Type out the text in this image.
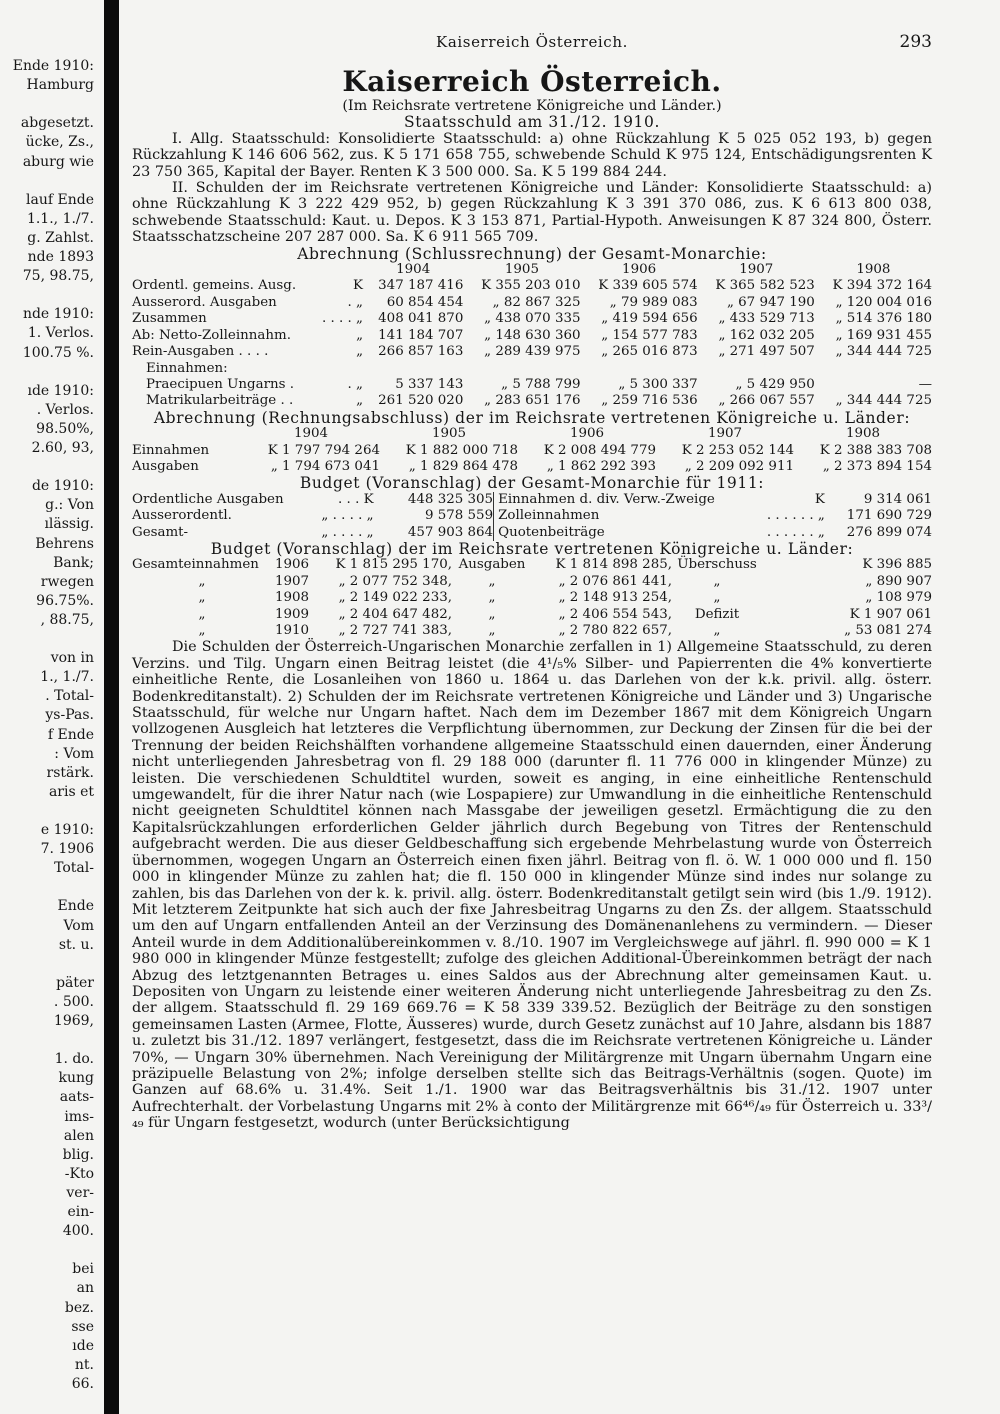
Ende 1910:
Hamburg
abgesetzt.
ücke, Zs.,
aburg wie
lauf Ende
1.1., 1./7.
g. Zahlst.
nde 1893
75, 98.75,
nde 1910:
1. Verlos.
100.75 %.
ıde 1910:
. Verlos.
98.50%,
2.60, 93,
de 1910:
g.: Von
ılässig.
Behrens
Bank;
rwegen
96.75%.
, 88.75,
von in
1., 1./7.
. Total-
ys-Pas.
f Ende
: Vom
rstärk.
aris et
e 1910:
7. 1906
Total-
Ende
Vom
st. u.
päter
. 500.
1969,
1. do.
kung
aats-
ims-
alen
blig.
-Kto
ver-
ein-
400.
bei
an
bez.
sse
ıde
nt.
66.
Kaiserreich Österreich.	293
Kaiserreich Österreich.
(Im Reichsrate vertretene Königreiche und Länder.)
Staatsschuld am 31./12. 1910.

I. Allg. Staatsschuld: Konsolidierte Staatsschuld: a) ohne Rückzahlung K 5 025 052 193, b) gegen Rückzahlung K 146 606 562, zus. K 5 171 658 755, schwebende Schuld K 975 124, Entschädigungsrenten K 23 750 365, Kapital der Bayer. Renten K 3 500 000. Sa. K 5 199 884 244.

II. Schulden der im Reichsrate vertretenen Königreiche und Länder: Konsolidierte Staatsschuld: a) ohne Rückzahlung K 3 222 429 952, b) gegen Rückzahlung K 3 391 370 086, zus. K 6 613 800 038, schwebende Staatsschuld: Kaut. u. Depos. K 3 153 871, Partial-Hypoth. Anweisungen K 87 324 800, Österr. Staatsschatzscheine 207 287 000. Sa. K 6 911 565 709.

Abrechnung (Schlussrechnung) der Gesamt-Monarchie:
		1904	1905	1906	1907	1908
Ordentl. gemeins. Ausg.	K	347 187 416	K 355 203 010	K 339 605 574	K 365 582 523	K 394 372 164
Ausserord. Ausgaben	. „	60 854 454	„ 82 867 325	„ 79 989 083	„ 67 947 190	„ 120 004 016
Zusammen	. . . . „	408 041 870	„ 438 070 335	„ 419 594 656	„ 433 529 713	„ 514 376 180
Ab: Netto-Zolleinnahm.	„	141 184 707	„ 148 630 360	„ 154 577 783	„ 162 032 205	„ 169 931 455
Rein-Ausgaben . . . .	„	266 857 163	„ 289 439 975	„ 265 016 873	„ 271 497 507	„ 344 444 725
Einnahmen:						
Praecipuen Ungarns .	. „	5 337 143	„ 5 788 799	„ 5 300 337	„ 5 429 950	—
Matrikularbeiträge . .	„	261 520 020	„ 283 651 176	„ 259 716 536	„ 266 067 557	„ 344 444 725
Abrechnung (Rechnungsabschluss) der im Reichsrate vertretenen Königreiche u. Länder:
	1904	1905	1906	1907	1908
Einnahmen	K 1 797 794 264	K 1 882 000 718	K 2 008 494 779	K 2 253 052 144	K 2 388 383 708
Ausgaben	„ 1 794 673 041	„ 1 829 864 478	„ 1 862 292 393	„ 2 209 092 911	„ 2 373 894 154
Budget (Voranschlag) der Gesamt-Monarchie für 1911:
Ordentliche Ausgaben	. . . K	448 325 305	Einnahmen d. div. Verw.-Zweige	K	9 314 061
Ausserordentl.	„ . . . . „	9 578 559	Zolleinnahmen	. . . . . . „	171 690 729
Gesamt-	„ . . . . „	457 903 864	Quotenbeiträge	. . . . . . „	276 899 074
Budget (Voranschlag) der im Reichsrate vertretenen Königreiche u. Länder:
Gesamteinnahmen	1906	K 1 815 295 170,	Ausgaben	K 1 814 898 285,	Überschuss	K 396 885
„	1907	„ 2 077 752 348,	„	„ 2 076 861 441,	„	„ 890 907
„	1908	„ 2 149 022 233,	„	„ 2 148 913 254,	„	„ 108 979
„	1909	„ 2 404 647 482,	„	„ 2 406 554 543,	Defizit	K 1 907 061
„	1910	„ 2 727 741 383,	„	„ 2 780 822 657,	„	„ 53 081 274

Die Schulden der Österreich-Ungarischen Monarchie zerfallen in 1) Allgemeine Staatsschuld, zu deren Verzins. und Tilg. Ungarn einen Beitrag leistet (die 4¹/₅% Silber- und Papierrenten die 4% konvertierte einheitliche Rente, die Losanleihen von 1860 u. 1864 u. das Darlehen von der k.k. privil. allg. österr. Bodenkreditanstalt). 2) Schulden der im Reichsrate vertretenen Königreiche und Länder und 3) Ungarische Staatsschuld, für welche nur Ungarn haftet. Nach dem im Dezember 1867 mit dem Königreich Ungarn vollzogenen Ausgleich hat letzteres die Verpflichtung übernommen, zur Deckung der Zinsen für die bei der Trennung der beiden Reichshälften vorhandene allgemeine Staatsschuld einen dauernden, einer Änderung nicht unterliegenden Jahresbetrag von fl. 29 188 000 (darunter fl. 11 776 000 in klingender Münze) zu leisten. Die verschiedenen Schuldtitel wurden, soweit es anging, in eine einheitliche Rentenschuld umgewandelt, für die ihrer Natur nach (wie Lospapiere) zur Umwandlung in die einheitliche Rentenschuld nicht geeigneten Schuldtitel können nach Massgabe der jeweiligen gesetzl. Ermächtigung die zu den Kapitalsrückzahlungen erforderlichen Gelder jährlich durch Begebung von Titres der Rentenschuld aufgebracht werden. Die aus dieser Geldbeschaffung sich ergebende Mehrbelastung wurde von Österreich übernommen, wogegen Ungarn an Österreich einen fixen jährl. Beitrag von fl. ö. W. 1 000 000 und fl. 150 000 in klingender Münze zu zahlen hat; die fl. 150 000 in klingender Münze sind indes nur solange zu zahlen, bis das Darlehen von der k. k. privil. allg. österr. Bodenkreditanstalt getilgt sein wird (bis 1./9. 1912). Mit letzterem Zeitpunkte hat sich auch der fixe Jahresbeitrag Ungarns zu den Zs. der allgem. Staatsschuld um den auf Ungarn entfallenden Anteil an der Verzinsung des Domänenanlehens zu vermindern. — Dieser Anteil wurde in dem Additionalübereinkommen v. 8./10. 1907 im Vergleichswege auf jährl. fl. 990 000 = K 1 980 000 in klingender Münze festgestellt; zufolge des gleichen Additional-Übereinkommen beträgt der nach Abzug des letztgenannten Betrages u. eines Saldos aus der Abrechnung alter gemeinsamen Kaut. u. Depositen von Ungarn zu leistende einer weiteren Änderung nicht unterliegende Jahresbeitrag zu den Zs. der allgem. Staatsschuld fl. 29 169 669.76 = K 58 339 339.52. Bezüglich der Beiträge zu den sonstigen gemeinsamen Lasten (Armee, Flotte, Äusseres) wurde, durch Gesetz zunächst auf 10 Jahre, alsdann bis 1887 u. zuletzt bis 31./12. 1897 verlängert, festgesetzt, dass die im Reichsrate vertretenen Königreiche u. Länder 70%, — Ungarn 30% übernehmen. Nach Vereinigung der Militärgrenze mit Ungarn übernahm Ungarn eine präzipuelle Belastung von 2%; infolge derselben stellte sich das Beitrags-Verhältnis (sogen. Quote) im Ganzen auf 68.6% u. 31.4%. Seit 1./1. 1900 war das Beitragsverhältnis bis 31./12. 1907 unter Aufrechterhalt. der Vorbelastung Ungarns mit 2% à conto der Militärgrenze mit 66⁴⁶/₄₉ für Österreich u. 33³/₄₉ für Ungarn festgesetzt, wodurch (unter Berücksichtigung
